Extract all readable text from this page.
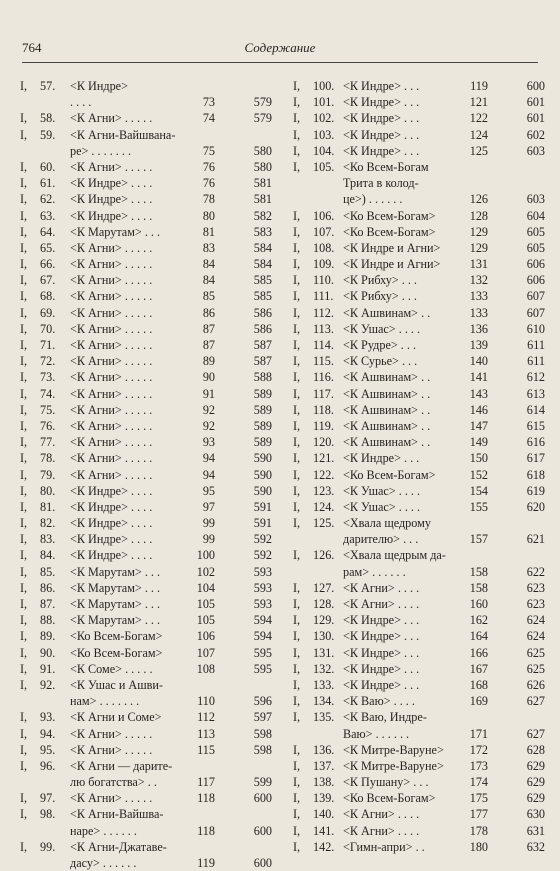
764	Содержание
I, 57. <К Индре>
. . . .	73	579
I, 58. <К Агни> . . . . .	74	579
I, 59. <К Агни-Вайшвана-
ре> . . . . . . .	75	580
I, 60. <К Агни> . . . . .	76	580
I, 61. <К Индре> . . . .	76	581
I, 62. <К Индре> . . . .	78	581
I, 63. <К Индре> . . . .	80	582
I, 64. <К Марутам> . . .	81	583
I, 65. <К Агни> . . . . .	83	584
I, 66. <К Агни> . . . . .	84	584
I, 67. <К Агни> . . . . .	84	585
I, 68. <К Агни> . . . . .	85	585
I, 69. <К Агни> . . . . .	86	586
I, 70. <К Агни> . . . . .	87	586
I, 71. <К Агни> . . . . .	87	587
I, 72. <К Агни> . . . . .	89	587
I, 73. <К Агни> . . . . .	90	588
I, 74. <К Агни> . . . . .	91	589
I, 75. <К Агни> . . . . .	92	589
I, 76. <К Агни> . . . . .	92	589
I, 77. <К Агни> . . . . .	93	589
I, 78. <К Агни> . . . . .	94	590
I, 79. <К Агни> . . . . .	94	590
I, 80. <К Индре> . . . .	95	590
I, 81. <К Индре> . . . .	97	591
I, 82. <К Индре> . . . .	99	591
I, 83. <К Индре> . . . .	99	592
I, 84. <К Индре> . . . .	100	592
I, 85. <К Марутам> . . .	102	593
I, 86. <К Марутам> . . .	104	593
I, 87. <К Марутам> . . .	105	593
I, 88. <К Марутам> . . .	105	594
I, 89. <Ко Всем-Богам>	106	594
I, 90. <Ко Всем-Богам>	107	595
I, 91. <К Соме> . . . . .	108	595
I, 92. <К Ушас и Ашви-
нам> . . . . . . .	110	596
I, 93. <К Агни и Соме>	112	597
I, 94. <К Агни> . . . . .	113	598
I, 95. <К Агни> . . . . .	115	598
I, 96. <К Агни — дарите-
лю богатства> . .	117	599
I, 97. <К Агни> . . . . .	118	600
I, 98. <К Агни-Вайшва-
наре> . . . . . .	118	600
I, 99. <К Агни-Джатаве-
дасу> . . . . . .	119	600
I, 100. <К Индре> . . .	119	600
I, 101. <К Индре> . . .	121	601
I, 102. <К Индре> . . .	122	601
I, 103. <К Индре> . . .	124	602
I, 104. <К Индре> . . .	125	603
I, 105. <Ко Всем-Богам
Трита в колод-
це>) . . . . . .	126	603
I, 106. <Ко Всем-Богам>	128	604
I, 107. <Ко Всем-Богам>	129	605
I, 108. <К Индре и Агни>	129	605
I, 109. <К Индре и Агни>	131	606
I, 110. <К Рибху> . . .	132	606
I, 111. <К Рибху> . . .	133	607
I, 112. <К Ашвинам> . .	133	607
I, 113. <К Ушас> . . . .	136	610
I, 114. <К Рудре> . . .	139	611
I, 115. <К Сурье> . . .	140	611
I, 116. <К Ашвинам> . .	141	612
I, 117. <К Ашвинам> . .	143	613
I, 118. <К Ашвинам> . .	146	614
I, 119. <К Ашвинам> . .	147	615
I, 120. <К Ашвинам> . .	149	616
I, 121. <К Индре> . . .	150	617
I, 122. <Ко Всем-Богам>	152	618
I, 123. <К Ушас> . . . .	154	619
I, 124. <К Ушас> . . . .	155	620
I, 125. <Хвала щедрому
дарителю> . . .	157	621
I, 126. <Хвала щедрым да-
рам> . . . . . .	158	622
I, 127. <К Агни> . . . .	158	623
I, 128. <К Агни> . . . .	160	623
I, 129. <К Индре> . . .	162	624
I, 130. <К Индре> . . .	164	624
I, 131. <К Индре> . . .	166	625
I, 132. <К Индре> . . .	167	625
I, 133. <К Индре> . . .	168	626
I, 134. <К Ваю> . . . .	169	627
I, 135. <К Ваю, Индре-
Ваю> . . . . . .	171	627
I, 136. <К Митре-Варуне>	172	628
I, 137. <К Митре-Варуне>	173	629
I, 138. <К Пушану> . . .	174	629
I, 139. <Ко Всем-Богам>	175	629
I, 140. <К Агни> . . . .	177	630
I, 141. <К Агни> . . . .	178	631
I, 142. <Гимн-апри> . .	180	632
